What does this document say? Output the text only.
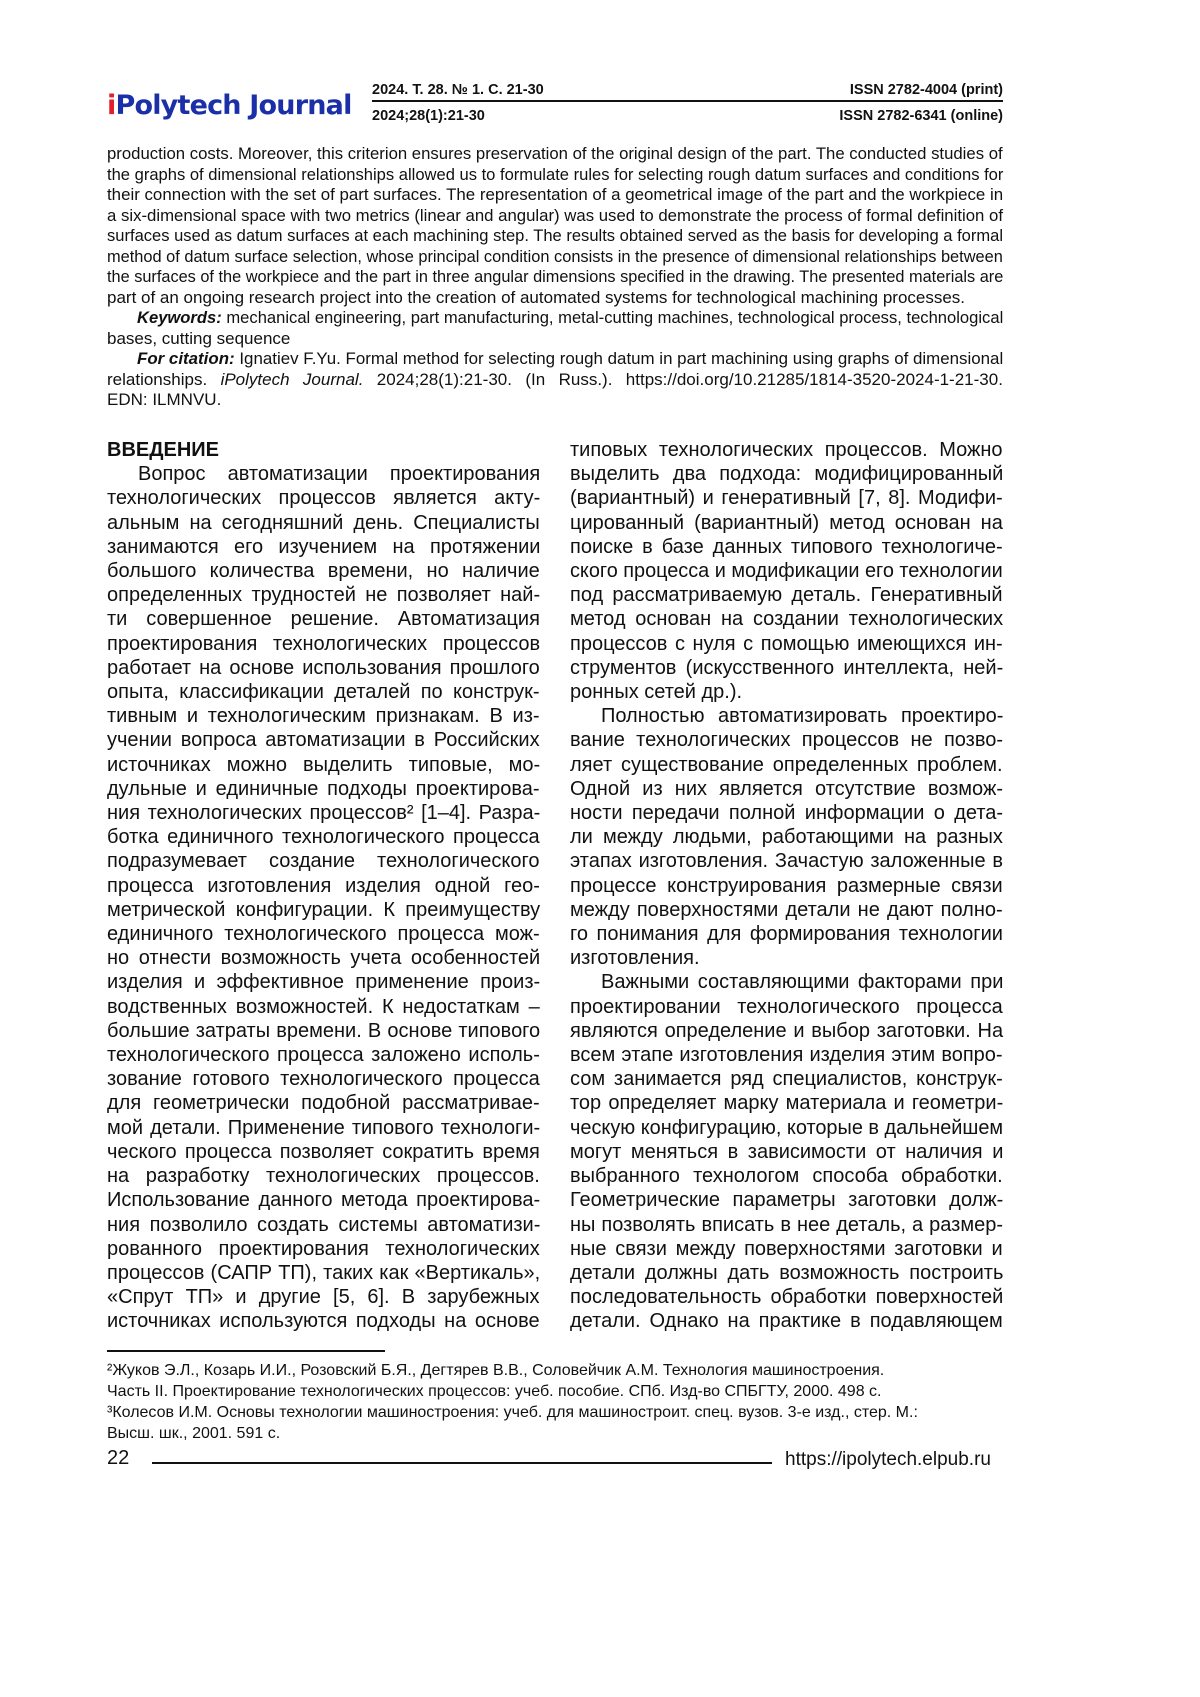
iPolytech Journal 2024. Т. 28. № 1. С. 21-30	ISSN 2782-4004 (print)
2024;28(1):21-30	ISSN 2782-6341 (online)
production costs. Moreover, this criterion ensures preservation of the original design of the part. The conducted studies of
the graphs of dimensional relationships allowed us to formulate rules for selecting rough datum surfaces and conditions for
their connection with the set of part surfaces. The representation of a geometrical image of the part and the workpiece in
a six-dimensional space with two metrics (linear and angular) was used to demonstrate the process of formal definition of
surfaces used as datum surfaces at each machining step. The results obtained served as the basis for developing a formal
method of datum surface selection, whose principal condition consists in the presence of dimensional relationships between
the surfaces of the workpiece and the part in three angular dimensions specified in the drawing. The presented materials are
part of an ongoing research project into the creation of automated systems for technological machining processes.
Keywords: mechanical engineering, part manufacturing, metal-cutting machines, technological process, technological
bases, cutting sequence
For citation: Ignatiev F.Yu. Formal method for selecting rough datum in part machining using graphs of dimensional
relationships. iPolytech Journal. 2024;28(1):21-30. (In Russ.). https://doi.org/10.21285/1814-3520-2024-1-21-30.
EDN: ILMNVU.
ВВЕДЕНИЕ
Вопрос автоматизации проектирования
технологических процессов является акту-
альным на сегодняшний день. Специалисты
занимаются его изучением на протяжении
большого количества времени, но наличие
определенных трудностей не позволяет най-
ти совершенное решение. Автоматизация
проектирования технологических процессов
работает на основе использования прошлого
опыта, классификации деталей по конструк-
тивным и технологическим признакам. В из-
учении вопроса автоматизации в Российских
источниках можно выделить типовые, мо-
дульные и единичные подходы проектирова-
ния технологических процессов² [1–4]. Разра-
ботка единичного технологического процесса
подразумевает создание технологического
процесса изготовления изделия одной гео-
метрической конфигурации. К преимуществу
единичного технологического процесса мож-
но отнести возможность учета особенностей
изделия и эффективное применение произ-
водственных возможностей. К недостаткам –
большие затраты времени. В основе типового
технологического процесса заложено исполь-
зование готового технологического процесса
для геометрически подобной рассматривае-
мой детали. Применение типового технологи-
ческого процесса позволяет сократить время
на разработку технологических процессов.
Использование данного метода проектирова-
ния позволило создать системы автоматизи-
рованного проектирования технологических
процессов (САПР ТП), таких как «Вертикаль»,
«Спрут ТП» и другие [5, 6]. В зарубежных
источниках используются подходы на основе
типовых технологических процессов. Можно
выделить два подхода: модифицированный
(вариантный) и генеративный [7, 8]. Модифи-
цированный (вариантный) метод основан на
поиске в базе данных типового технологиче-
ского процесса и модификации его технологии
под рассматриваемую деталь. Генеративный
метод основан на создании технологических
процессов с нуля с помощью имеющихся ин-
струментов (искусственного интеллекта, ней-
ронных сетей др.).
Полностью автоматизировать проектиро-
вание технологических процессов не позво-
ляет существование определенных проблем.
Одной из них является отсутствие возмож-
ности передачи полной информации о дета-
ли между людьми, работающими на разных
этапах изготовления. Зачастую заложенные в
процессе конструирования размерные связи
между поверхностями детали не дают полно-
го понимания для формирования технологии
изготовления.
Важными составляющими факторами при
проектировании технологического процесса
являются определение и выбор заготовки. На
всем этапе изготовления изделия этим вопро-
сом занимается ряд специалистов, конструк-
тор определяет марку материала и геометри-
ческую конфигурацию, которые в дальнейшем
могут меняться в зависимости от наличия и
выбранного технологом способа обработки.
Геометрические параметры заготовки долж-
ны позволять вписать в нее деталь, а размер-
ные связи между поверхностями заготовки и
детали должны дать возможность построить
последовательность обработки поверхностей
детали. Однако на практике в подавляющем
²Жуков Э.Л., Козарь И.И., Розовский Б.Я., Дегтярев В.В., Соловейчик А.М. Технология машиностроения.
Часть II. Проектирование технологических процессов: учеб. пособие. СПб. Изд-во СПБГТУ, 2000. 498 с.
³Колесов И.М. Основы технологии машиностроения: учеб. для машиностроит. спец. вузов. 3-е изд., стер. М.:
Высш. шк., 2001. 591 с.
22	https://ipolytech.elpub.ru
